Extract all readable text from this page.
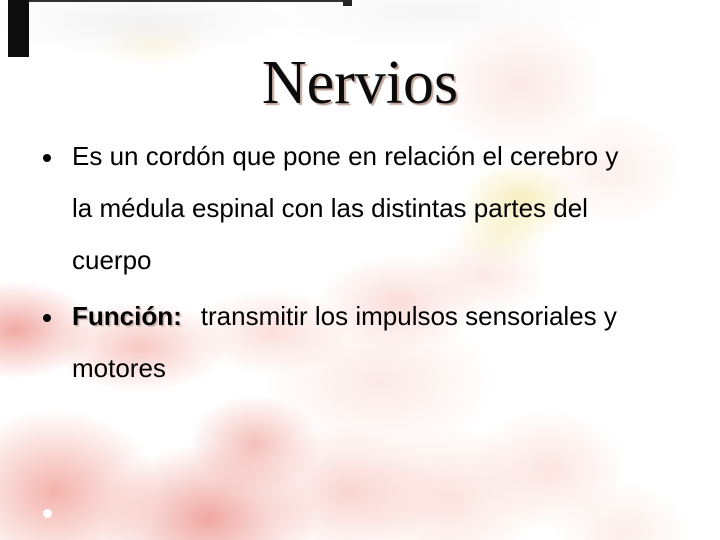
Nervios
Es un cordón que pone en relación el cerebro y
la médula espinal con las distintas partes del
cuerpo
Función: transmitir los impulsos sensoriales y
motores
